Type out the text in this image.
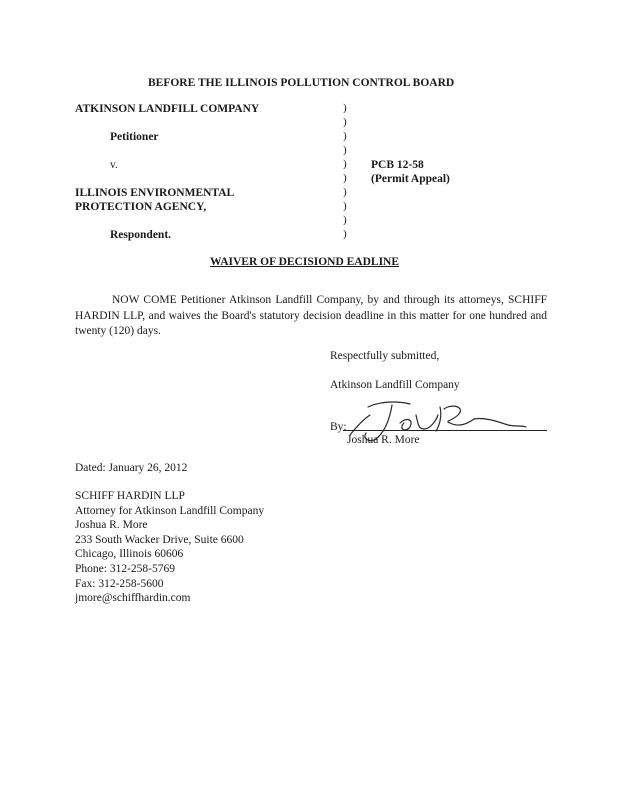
BEFORE THE ILLINOIS POLLUTION CONTROL BOARD
ATKINSON LANDFILL COMPANY
Petitioner
v.
ILLINOIS ENVIRONMENTAL
PROTECTION AGENCY,
Respondent.
)
)
)
)
)
)
)
)
)
)
PCB 12-58
(Permit Appeal)
WAIVER OF DECISIOND EADLINE
NOW COME Petitioner Atkinson Landfill Company, by and through its attorneys, SCHIFF HARDIN LLP, and waives the Board's statutory decision deadline in this matter for one hundred and twenty (120) days.
Respectfully submitted,
Atkinson Landfill Company
By:
Joshua R. More
Dated: January 26, 2012
SCHIFF HARDIN LLP
Attorney for Atkinson Landfill Company
Joshua R. More
233 South Wacker Drive, Suite 6600
Chicago, Illinois 60606
Phone: 312-258-5769
Fax: 312-258-5600
jmore@schiffhardin.com
